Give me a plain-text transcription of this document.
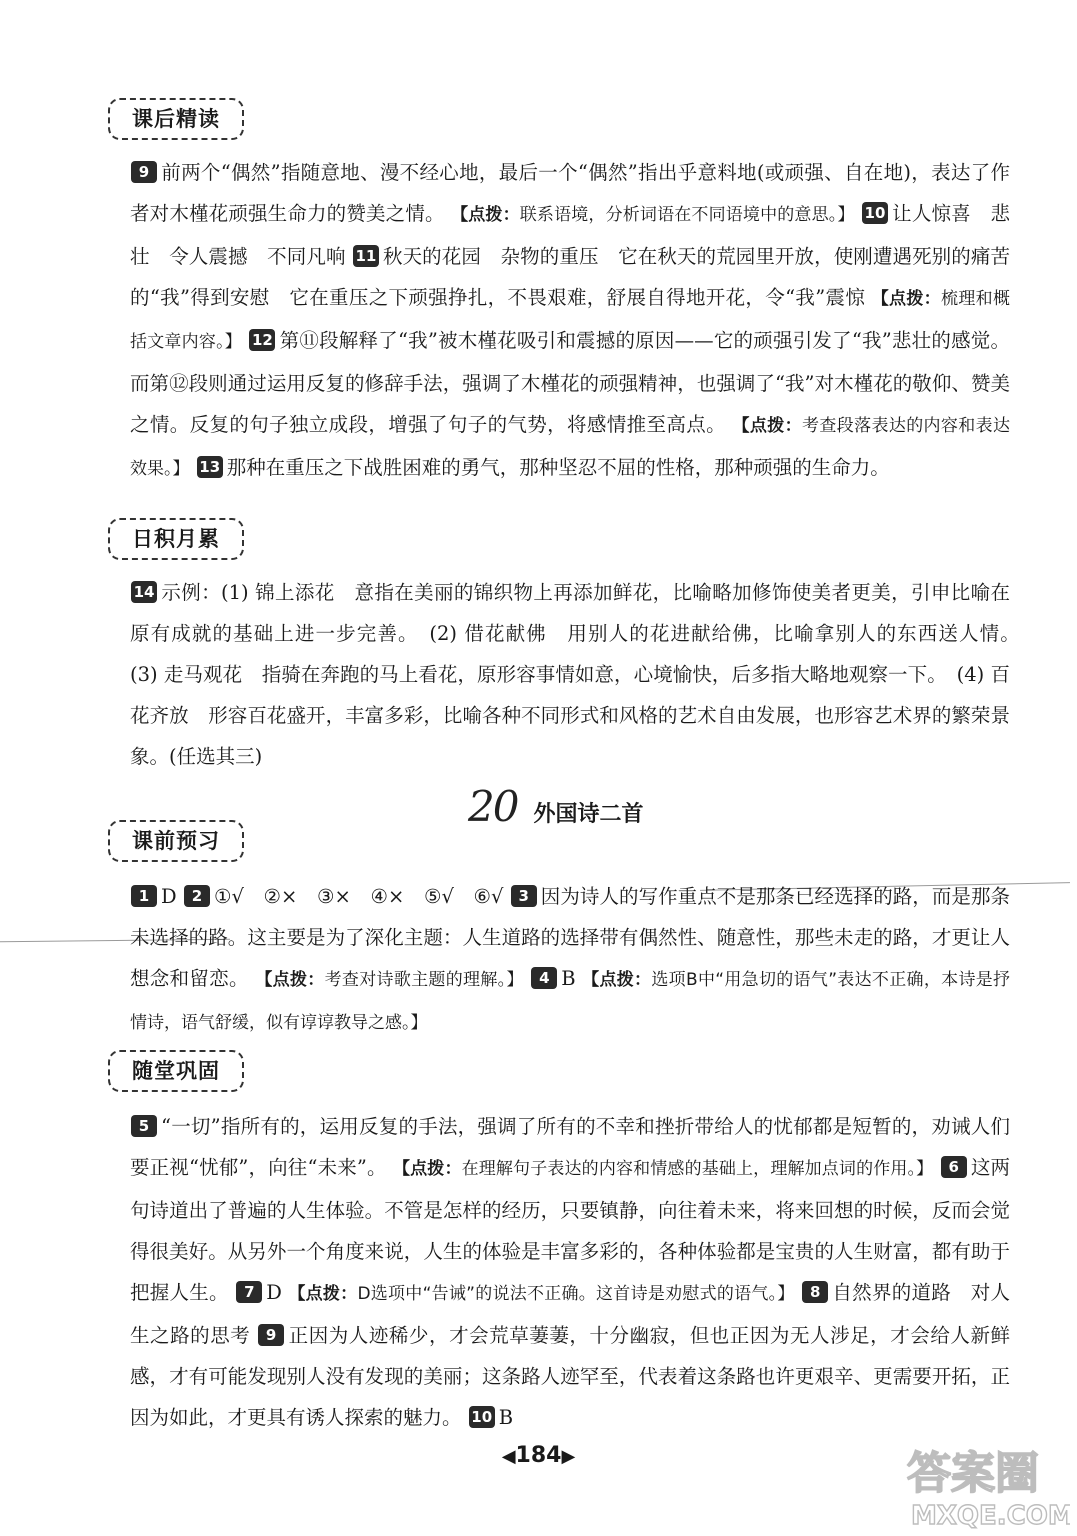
课后精读
9 前两个“偶然”指随意地、漫不经心地，最后一个“偶然”指出乎意料地(或顽强、自在地)，表达了作者对木槿花顽强生命力的赞美之情。 【点拨：联系语境，分析词语在不同语境中的意思。】 10 让人惊喜　悲壮　令人震撼　不同凡响 11 秋天的花园　杂物的重压　它在秋天的荒园里开放，使刚遭遇死别的痛苦的“我”得到安慰　它在重压之下顽强挣扎，不畏艰难，舒展自得地开花，令“我”震惊 【点拨：梳理和概括文章内容。】 12 第⑪段解释了“我”被木槿花吸引和震撼的原因——它的顽强引发了“我”悲壮的感觉。而第⑫段则通过运用反复的修辞手法，强调了木槿花的顽强精神，也强调了“我”对木槿花的敬仰、赞美之情。反复的句子独立成段，增强了句子的气势，将感情推至高点。 【点拨：考查段落表达的内容和表达效果。】 13 那种在重压之下战胜困难的勇气，那种坚忍不屈的性格，那种顽强的生命力。
日积月累
14 示例：(1) 锦上添花　意指在美丽的锦织物上再添加鲜花，比喻略加修饰使美者更美，引申比喻在原有成就的基础上进一步完善。　(2) 借花献佛　用别人的花进献给佛，比喻拿别人的东西送人情。　(3) 走马观花　指骑在奔跑的马上看花，原形容事情如意，心境愉快，后多指大略地观察一下。　(4) 百花齐放　形容百花盛开，丰富多彩，比喻各种不同形式和风格的艺术自由发展，也形容艺术界的繁荣景象。(任选其三)
20 外国诗二首
课前预习
1 D 2 ①√　②×　③×　④×　⑤√　⑥√ 3 因为诗人的写作重点不是那条已经选择的路，而是那条未选择的路。这主要是为了深化主题：人生道路的选择带有偶然性、随意性，那些未走的路，才更让人想念和留恋。 【点拨：考查对诗歌主题的理解。】 4 B 【点拨：选项B中“用急切的语气”表达不正确，本诗是抒情诗，语气舒缓，似有谆谆教导之感。】
随堂巩固
5 “一切”指所有的，运用反复的手法，强调了所有的不幸和挫折带给人的忧郁都是短暂的，劝诫人们要正视“忧郁”，向往“未来”。 【点拨：在理解句子表达的内容和情感的基础上，理解加点词的作用。】 6 这两句诗道出了普遍的人生体验。不管是怎样的经历，只要镇静，向往着未来，将来回想的时候，反而会觉得很美好。从另外一个角度来说，人生的体验是丰富多彩的，各种体验都是宝贵的人生财富，都有助于把握人生。 7 D 【点拨：D选项中“告诫”的说法不正确。这首诗是劝慰式的语气。】 8 自然界的道路　对人生之路的思考 9 正因为人迹稀少，才会荒草萋萋，十分幽寂，但也正因为无人涉足，才会给人新鲜感，才有可能发现别人没有发现的美丽；这条路人迹罕至，代表着这条路也许更艰辛、更需要开拓，正因为如此，才更具有诱人探索的魅力。 10 B
◀184▶	答案圈
MXQE.COM
